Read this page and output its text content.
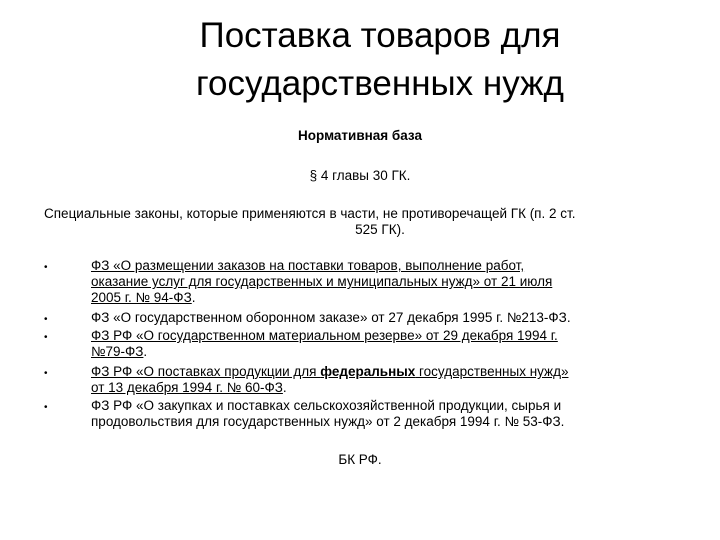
Поставка товаров для
государственных нужд
Нормативная база
§ 4 главы 30 ГК.
Специальные законы, которые применяются в части, не противоречащей ГК (п. 2 ст.
525 ГК).
•	ФЗ «О размещении заказов на поставки товаров, выполнение работ,
оказание услуг для государственных и муниципальных нужд» от 21 июля
2005 г. № 94-ФЗ.
•	ФЗ «О государственном оборонном заказе» от 27 декабря 1995 г. №213-ФЗ.
•	ФЗ РФ «О государственном материальном резерве» от 29 декабря 1994 г.
№79-ФЗ.
•	ФЗ РФ «О поставках продукции для федеральных государственных нужд»
от 13 декабря 1994 г. № 60-ФЗ.
•	ФЗ РФ «О закупках и поставках сельскохозяйственной продукции, сырья и
продовольствия для государственных нужд» от 2 декабря 1994 г. № 53-ФЗ.
БК РФ.
